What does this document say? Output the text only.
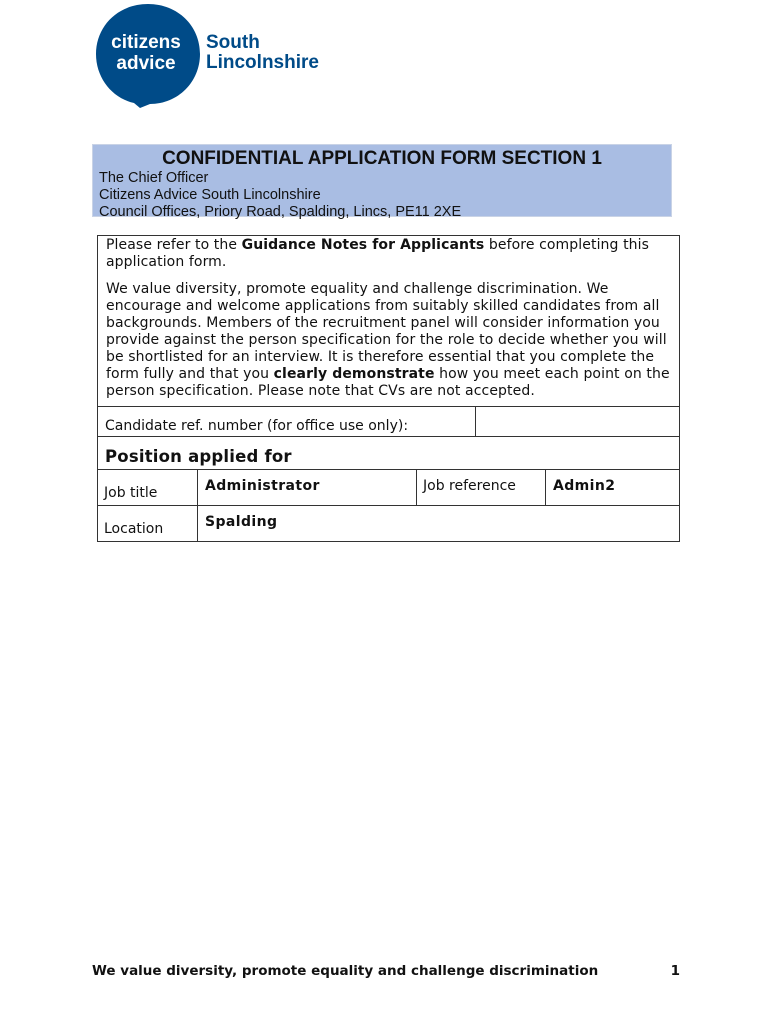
citizens
advice
South
Lincolnshire
CONFIDENTIAL APPLICATION FORM SECTION 1
The Chief Officer
Citizens Advice South Lincolnshire
Council Offices, Priory Road, Spalding, Lincs, PE11 2XE

Please refer to the Guidance Notes for Applicants before completing this application form.

We value diversity, promote equality and challenge discrimination. We encourage and welcome applications from suitably skilled candidates from all backgrounds. Members of the recruitment panel will consider information you provide against the person specification for the role to decide whether you will be shortlisted for an interview. It is therefore essential that you complete the form fully and that you clearly demonstrate how you meet each point on the person specification. Please note that CVs are not accepted.

Candidate ref. number (for office use only):
Position applied for
Job title	Administrator	Job reference	Admin2
Location	Spalding
We value diversity, promote equality and challenge discrimination	1
